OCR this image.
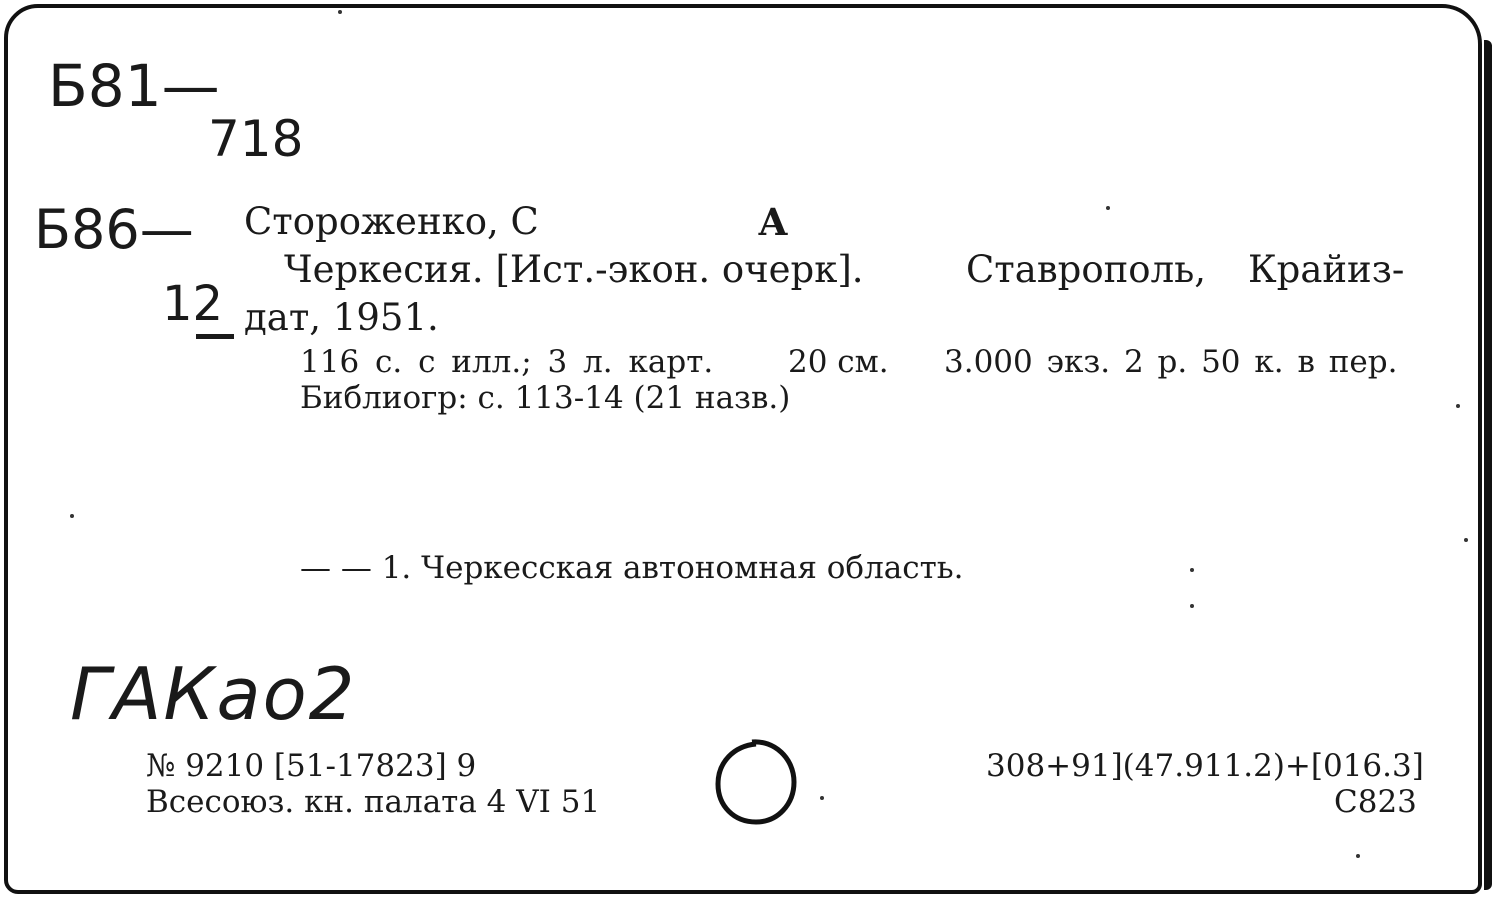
Б81—
718
Б86—
12
ГАКао2
Стороженко, С	А
Черкесия. [Ист.-экон. очерк].	Ставрополь, Крайиз-
дат, 1951.
116 с. с илл.; 3 л. карт. 20 см. 3.000 экз. 2 р. 50 к. в пер.
Библиогр: с. 113-14 (21 назв.)
— — 1. Черкесская автономная область.
№ 9210 [51-17823] 9
Всесоюз. кн. палата 4 VI 51
308+91](47.911.2)+[016.3]
С823
